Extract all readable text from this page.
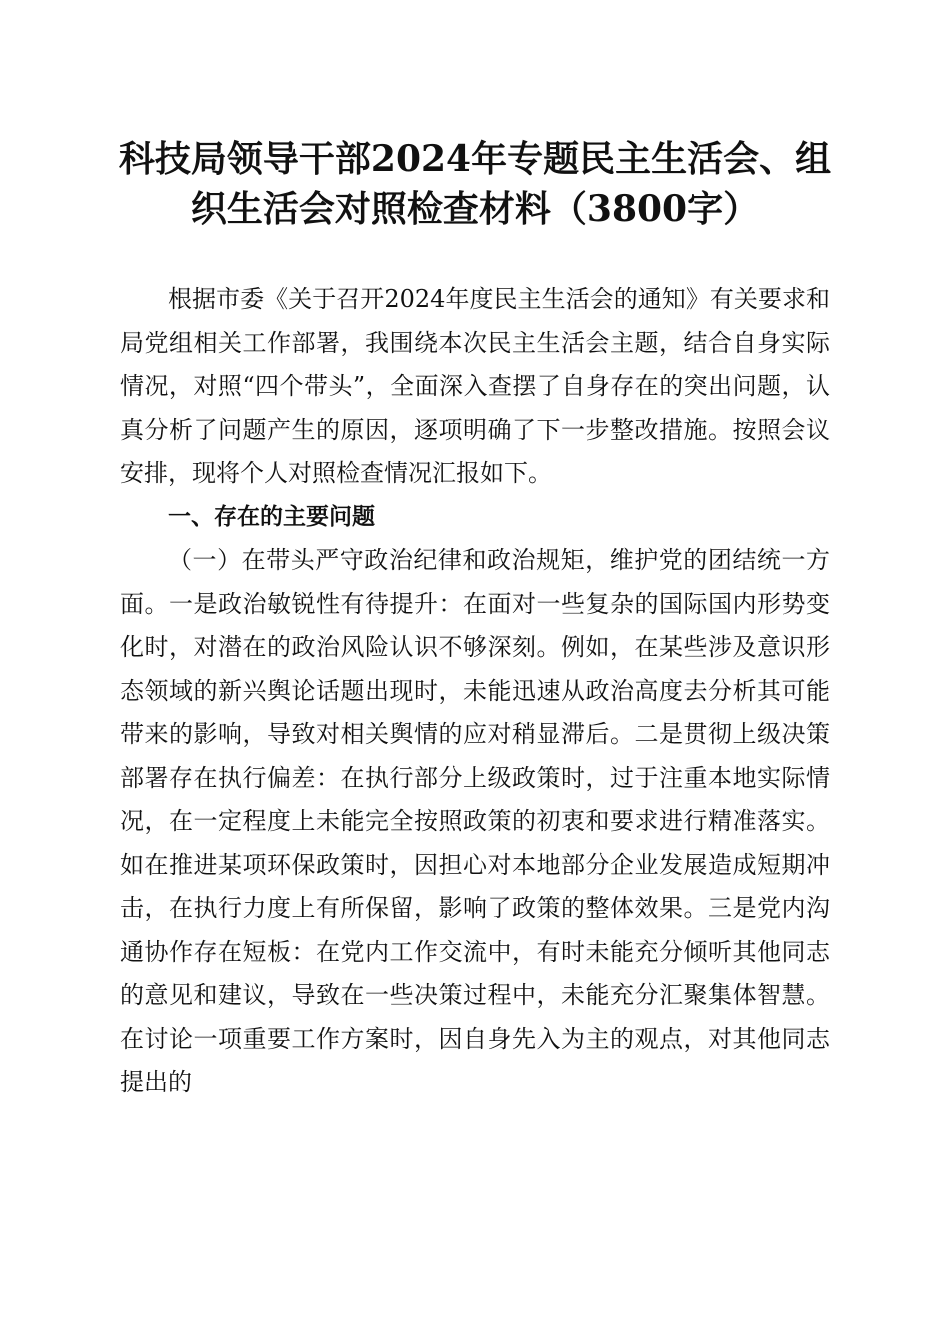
科技局领导干部2024年专题民主生活会、组
织生活会对照检查材料（3800字）

根据市委《关于召开2024年度民主生活会的通知》有关要求和局党组相关工作部署，我围绕本次民主生活会主题，结合自身实际情况，对照“四个带头”，全面深入查摆了自身存在的突出问题，认真分析了问题产生的原因，逐项明确了下一步整改措施。按照会议安排，现将个人对照检查情况汇报如下。

一、存在的主要问题

（一）在带头严守政治纪律和政治规矩，维护党的团结统一方面。一是政治敏锐性有待提升：在面对一些复杂的国际国内形势变化时，对潜在的政治风险认识不够深刻。例如，在某些涉及意识形态领域的新兴舆论话题出现时，未能迅速从政治高度去分析其可能带来的影响，导致对相关舆情的应对稍显滞后。二是贯彻上级决策部署存在执行偏差：在执行部分上级政策时，过于注重本地实际情况，在一定程度上未能完全按照政策的初衷和要求进行精准落实。如在推进某项环保政策时，因担心对本地部分企业发展造成短期冲击，在执行力度上有所保留，影响了政策的整体效果。三是党内沟通协作存在短板：在党内工作交流中，有时未能充分倾听其他同志的意见和建议，导致在一些决策过程中，未能充分汇聚集体智慧。在讨论一项重要工作方案时，因自身先入为主的观点，对其他同志提出的
